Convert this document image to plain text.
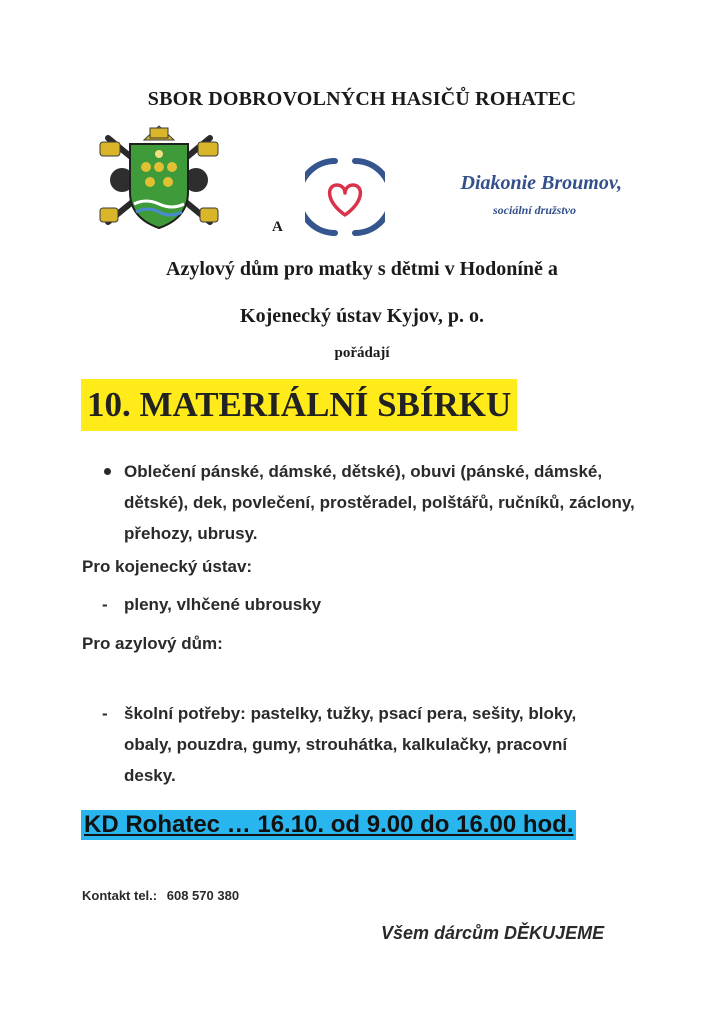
SBOR DOBROVOLNÝCH HASIČŮ ROHATEC
A
Diakonie Broumov,
sociální družstvo
Azylový dům pro matky s dětmi v Hodoníně a
Kojenecký ústav Kyjov, p. o.
pořádají
10. MATERIÁLNÍ SBÍRKU
Oblečení pánské, dámské, dětské), obuvi (pánské, dámské, dětské), dek, povlečení, prostěradel, polštářů, ručníků, záclony, přehozy, ubrusy.
Pro kojenecký ústav:
- pleny, vlhčené ubrousky
Pro azylový dům:
- školní potřeby: pastelky, tužky, psací pera, sešity, bloky, obaly, pouzdra, gumy, strouhátka, kalkulačky, pracovní desky.
KD Rohatec … 16.10. od 9.00 do 16.00 hod.
Kontakt tel.: 608 570 380
Všem dárcům DĚKUJEME
